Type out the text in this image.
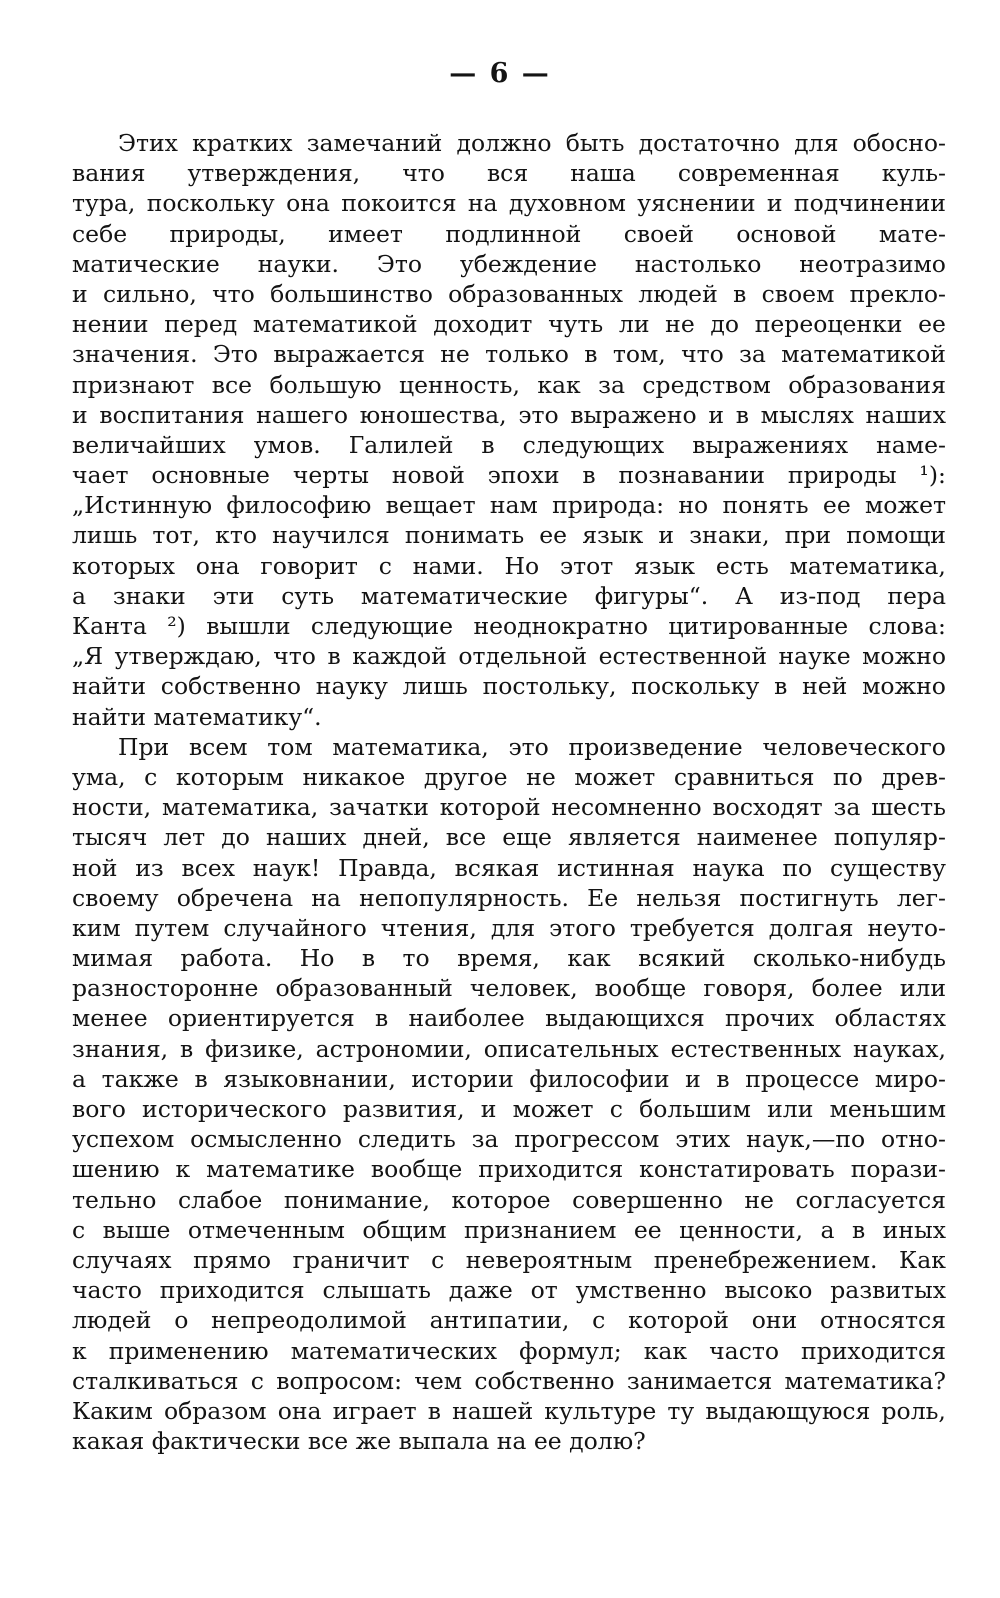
— 6 —
Этих кратких замечаний должно быть достаточно для обосно-
вания утверждения, что вся наша современная куль-
тура, поскольку она покоится на духовном уяснении и подчинении
себе природы, имеет подлинной своей основой мате-
матические науки. Это убеждение настолько неотразимо
и сильно, что большинство образованных людей в своем прекло-
нении перед математикой доходит чуть ли не до переоценки ее
значения. Это выражается не только в том, что за математикой
признают все большую ценность, как за средством образования
и воспитания нашего юношества, это выражено и в мыслях наших
величайших умов. Галилей в следующих выражениях наме-
чает основные черты новой эпохи в познавании природы ¹):
„Истинную философию вещает нам природа: но понять ее может
лишь тот, кто научился понимать ее язык и знаки, при помощи
которых она говорит с нами. Но этот язык есть математика,
а знаки эти суть математические фигуры“. А из-под пера
Канта ²) вышли следующие неоднократно цитированные слова:
„Я утверждаю, что в каждой отдельной естественной науке можно
найти собственно науку лишь постольку, поскольку в ней можно
найти математику“.
При всем том математика, это произведение человеческого
ума, с которым никакое другое не может сравниться по древ-
ности, математика, зачатки которой несомненно восходят за шесть
тысяч лет до наших дней, все еще является наименее популяр-
ной из всех наук! Правда, всякая истинная наука по существу
своему обречена на непопулярность. Ее нельзя постигнуть лег-
ким путем случайного чтения, для этого требуется долгая неуто-
мимая работа. Но в то время, как всякий сколько-нибудь
разносторонне образованный человек, вообще говоря, более или
менее ориентируется в наиболее выдающихся прочих областях
знания, в физике, астрономии, описательных естественных науках,
а также в языковнании, истории философии и в процессе миро-
вого исторического развития, и может с большим или меньшим
успехом осмысленно следить за прогрессом этих наук,—по отно-
шению к математике вообще приходится констатировать порази-
тельно слабое понимание, которое совершенно не согласуется
с выше отмеченным общим признанием ее ценности, а в иных
случаях прямо граничит с невероятным пренебрежением. Как
часто приходится слышать даже от умственно высоко развитых
людей о непреодолимой антипатии, с которой они относятся
к применению математических формул; как часто приходится
сталкиваться с вопросом: чем собственно занимается математика?
Каким образом она играет в нашей культуре ту выдающуюся роль,
какая фактически все же выпала на ее долю?
